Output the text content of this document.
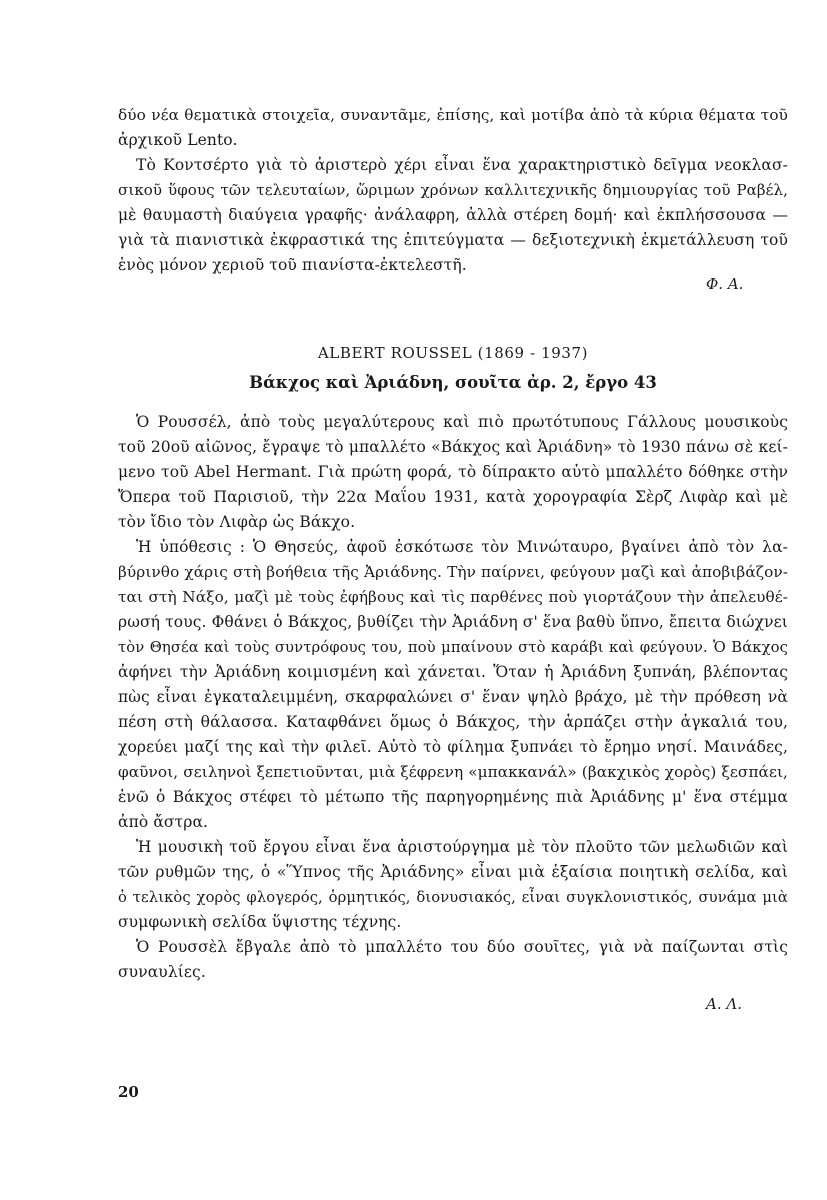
δύο νέα θεματικὰ στοιχεῖα, συναντᾶμε, ἐπίσης, καὶ μοτίβα ἀπὸ τὰ κύρια θέματα τοῦ
ἀρχικοῦ Lento.
Τὸ Κοντσέρτο γιὰ τὸ ἀριστερὸ χέρι εἶναι ἕνα χαρακτηριστικὸ δεῖγμα νεοκλασ-
σικοῦ ὕφους τῶν τελευταίων, ὥριμων χρόνων καλλιτεχνικῆς δημιουργίας τοῦ Ραβέλ,
μὲ θαυμαστὴ διαύγεια γραφῆς· ἀνάλαφρη, ἀλλὰ στέρεη δομή· καὶ ἐκπλήσσουσα —
γιὰ τὰ πιανιστικὰ ἐκφραστικά της ἐπιτεύγματα — δεξιοτεχνικὴ ἐκμετάλλευση τοῦ
ἑνὸς μόνον χεριοῦ τοῦ πιανίστα-ἐκτελεστῆ.
Φ. Α.
ALBERT ROUSSEL (1869 - 1937)
Βάκχος καὶ Ἀριάδνη, σουῖτα ἀρ. 2, ἔργο 43
Ὁ Ρουσσέλ, ἀπὸ τοὺς μεγαλύτερους καὶ πιὸ πρωτότυπους Γάλλους μουσικοὺς
τοῦ 20οῦ αἰῶνος, ἔγραψε τὸ μπαλλέτο «Βάκχος καὶ Ἀριάδνη» τὸ 1930 πάνω σὲ κεί-
μενο τοῦ Abel Hermant. Γιὰ πρώτη φορά, τὸ δίπρακτο αὐτὸ μπαλλέτο δόθηκε στὴν
Ὄπερα τοῦ Παρισιοῦ, τὴν 22α Μαΐου 1931, κατὰ χορογραφία Σὲρζ Λιφὰρ καὶ μὲ
τὸν ἴδιο τὸν Λιφὰρ ὡς Βάκχο.
Ἡ ὑπόθεσις : Ὁ Θησεύς, ἀφοῦ ἐσκότωσε τὸν Μινώταυρο, βγαίνει ἀπὸ τὸν λα-
βύρινθο χάρις στὴ βοήθεια τῆς Ἀριάδνης. Τὴν παίρνει, φεύγουν μαζὶ καὶ ἀποβιβάζον-
ται στὴ Νάξο, μαζὶ μὲ τοὺς ἐφήβους καὶ τὶς παρθένες ποὺ γιορτάζουν τὴν ἀπελευθέ-
ρωσή τους. Φθάνει ὁ Βάκχος, βυθίζει τὴν Ἀριάδνη σ' ἕνα βαθὺ ὕπνο, ἔπειτα διώχνει
τὸν Θησέα καὶ τοὺς συντρόφους του, ποὺ μπαίνουν στὸ καράβι καὶ φεύγουν. Ὁ Βάκχος
ἀφήνει τὴν Ἀριάδνη κοιμισμένη καὶ χάνεται. Ὅταν ἡ Ἀριάδνη ξυπνάη, βλέποντας
πὼς εἶναι ἐγκαταλειμμένη, σκαρφαλώνει σ' ἕναν ψηλὸ βράχο, μὲ τὴν πρόθεση νὰ
πέση στὴ θάλασσα. Καταφθάνει ὅμως ὁ Βάκχος, τὴν ἁρπάζει στὴν ἀγκαλιά του,
χορεύει μαζί της καὶ τὴν φιλεῖ. Αὐτὸ τὸ φίλημα ξυπνάει τὸ ἔρημο νησί. Μαινάδες,
φαῦνοι, σειληνοὶ ξεπετιοῦνται, μιὰ ξέφρενη «μπακκανάλ» (βακχικὸς χορὸς) ξεσπάει,
ἐνῶ ὁ Βάκχος στέφει τὸ μέτωπο τῆς παρηγορημένης πιὰ Ἀριάδνης μ' ἕνα στέμμα
ἀπὸ ἄστρα.
Ἡ μουσικὴ τοῦ ἔργου εἶναι ἕνα ἀριστούργημα μὲ τὸν πλοῦτο τῶν μελωδιῶν καὶ
τῶν ρυθμῶν της, ὁ «Ὕπνος τῆς Ἀριάδνης» εἶναι μιὰ ἐξαίσια ποιητικὴ σελίδα, καὶ
ὁ τελικὸς χορὸς φλογερός, ὁρμητικός, διονυσιακός, εἶναι συγκλονιστικός, συνάμα μιὰ
συμφωνικὴ σελίδα ὕψιστης τέχνης.
Ὁ Ρουσσὲλ ἔβγαλε ἀπὸ τὸ μπαλλέτο του δύο σουῖτες, γιὰ νὰ παίζωνται στὶς
συναυλίες.
Α. Λ.
20
